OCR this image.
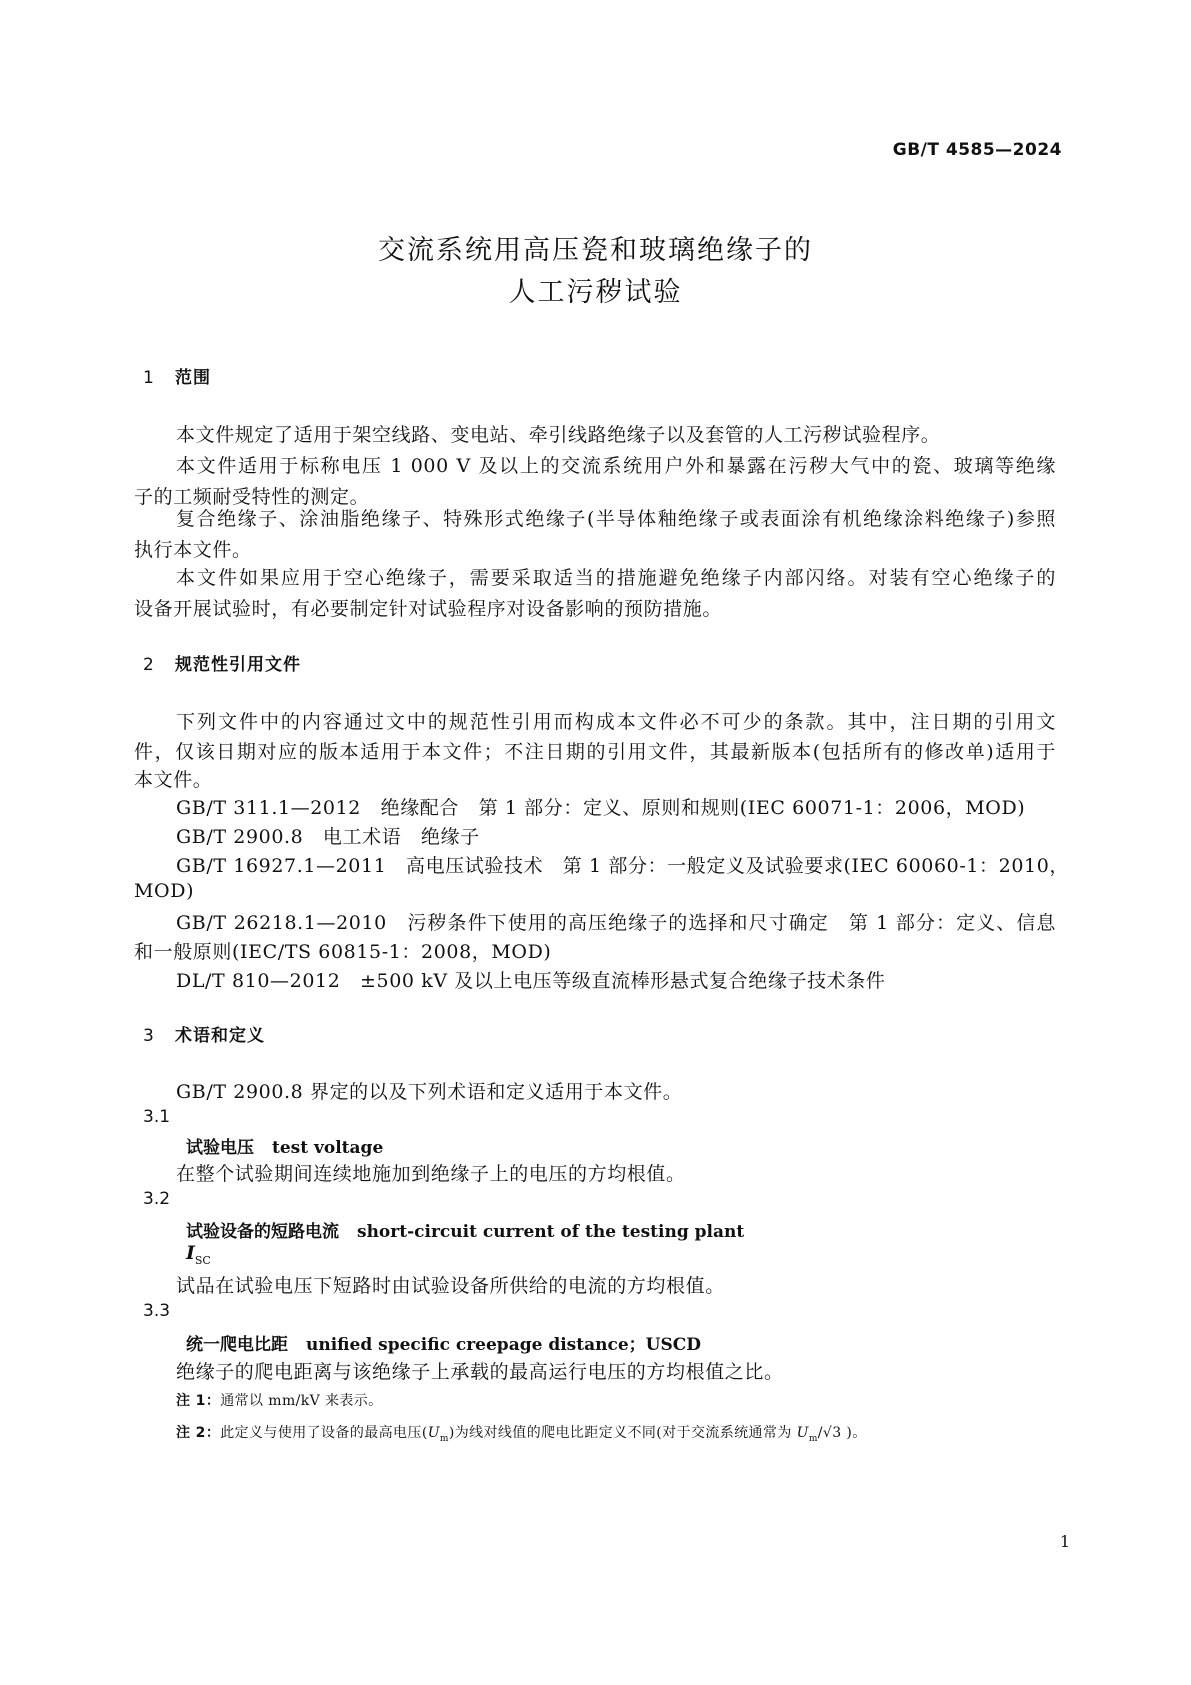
GB/T 4585—2024
交流系统用高压瓷和玻璃绝缘子的
人工污秽试验
1 范围
本文件规定了适用于架空线路、变电站、牵引线路绝缘子以及套管的人工污秽试验程序。
本文件适用于标称电压 1 000 V 及以上的交流系统用户外和暴露在污秽大气中的瓷、玻璃等绝缘
子的工频耐受特性的测定。
复合绝缘子、涂油脂绝缘子、特殊形式绝缘子(半导体釉绝缘子或表面涂有机绝缘涂料绝缘子)参照
执行本文件。
本文件如果应用于空心绝缘子，需要采取适当的措施避免绝缘子内部闪络。对装有空心绝缘子的
设备开展试验时，有必要制定针对试验程序对设备影响的预防措施。
2 规范性引用文件
下列文件中的内容通过文中的规范性引用而构成本文件必不可少的条款。其中，注日期的引用文
件，仅该日期对应的版本适用于本文件；不注日期的引用文件，其最新版本(包括所有的修改单)适用于
本文件。
GB/T 311.1—2012　绝缘配合　第 1 部分：定义、原则和规则(IEC 60071-1：2006，MOD)
GB/T 2900.8　电工术语　绝缘子
GB/T 16927.1—2011　高电压试验技术　第 1 部分：一般定义及试验要求(IEC 60060-1：2010，
MOD)
GB/T 26218.1—2010　污秽条件下使用的高压绝缘子的选择和尺寸确定　第 1 部分：定义、信息
和一般原则(IEC/TS 60815-1：2008，MOD)
DL/T 810—2012　±500 kV 及以上电压等级直流棒形悬式复合绝缘子技术条件
3 术语和定义
GB/T 2900.8 界定的以及下列术语和定义适用于本文件。
3.1
试验电压 test voltage
在整个试验期间连续地施加到绝缘子上的电压的方均根值。
3.2
试验设备的短路电流 short-circuit current of the testing plant
$I_{SC}$
试品在试验电压下短路时由试验设备所供给的电流的方均根值。
3.3
统一爬电比距 unified specific creepage distance；USCD
绝缘子的爬电距离与该绝缘子上承载的最高运行电压的方均根值之比。
注 1：通常以 mm/kV 来表示。
注 2：此定义与使用了设备的最高电压$(U_m)$为线对线值的爬电比距定义不同(对于交流系统通常为 $U_m/√3$ )。
1
